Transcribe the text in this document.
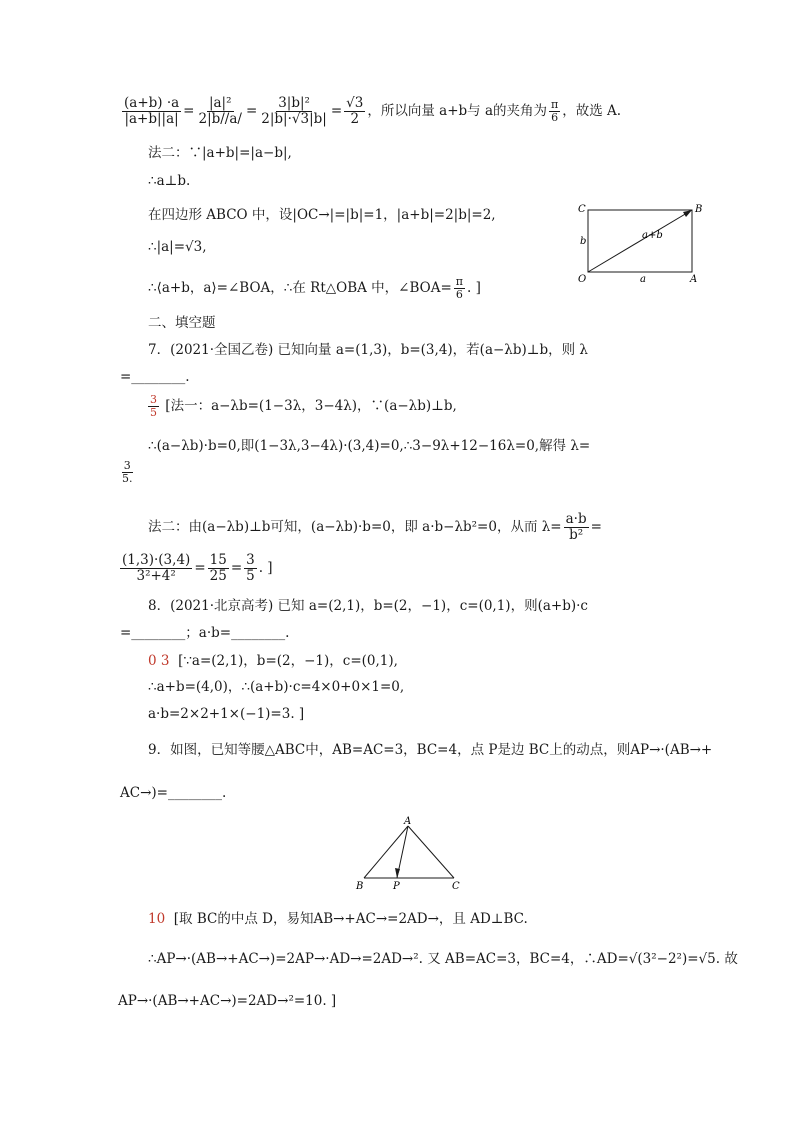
$\frac{(a+b) \cdot a}{|a+b||a|} = \frac{\text{|a|²}}{2|b//a/} = \frac{\text{3|b|²}}{2|b|\cdot√3|b|} = \frac{√3}{2}$ ，所以向量 a+b与 a的夹角为 $\frac{\pi}{6}$ ，故选 A.
法二：∵|a+b|=|a−b|,
∴a⊥b.
在四边形 ABCO 中，设|OC→|=|b|=1，|a+b|=2|b|=2,
∴|a|=√3,
∴⟨a+b，a⟩=∠BOA，∴在 Rt△OBA 中，∠BOA= $\frac{\pi}{6}$ . ]
C	B
O	A
b
a+b
a
二、填空题
7．(2021·全国乙卷) 已知向量 a=(1,3)，b=(3,4)，若(a−λb)⊥b，则 λ
=________.
$\frac{3}{5}$ [法一：a−λb=(1−3λ，3−4λ)，∵(a−λb)⊥b,
∴(a−λb)·b=0,即(1−3λ,3−4λ)·(3,4)=0,∴3−9λ+12−16λ=0,解得 λ=
$\frac{3}{5.}$
法二：由(a−λb)⊥b可知，(a−λb)·b=0，即 a·b−λb²=0，从而 $\lambda= \frac{a\cdot b}{\text{b²}}$ =
$\frac{(1,3)\cdot(3,4)}{\text{3²+4²}} = \frac{15}{25} = \frac{3}{5}$ . ]
8．(2021·北京高考) 已知 a=(2,1)，b=(2，−1)，c=(0,1)，则(a+b)·c
=________；a·b=________.
0 3 [∵a=(2,1)，b=(2，−1)，c=(0,1),
∴a+b=(4,0)，∴(a+b)·c=4×0+0×1=0,
a·b=2×2+1×(−1)=3. ]
9．如图，已知等腰△ABC中，AB=AC=3，BC=4，点 P是边 BC上的动点，则AP→·(AB→+
AC→)=________.
A
B	P	C
10 [取 BC的中点 D，易知AB→+AC→=2AD→，且 AD⊥BC.
∴AP→·(AB→+AC→)=2AP→·AD→=2AD→². 又 AB=AC=3，BC=4，∴AD=√(3²−2²)=√5. 故
AP→·(AB→+AC→)=2AD→²=10. ]
